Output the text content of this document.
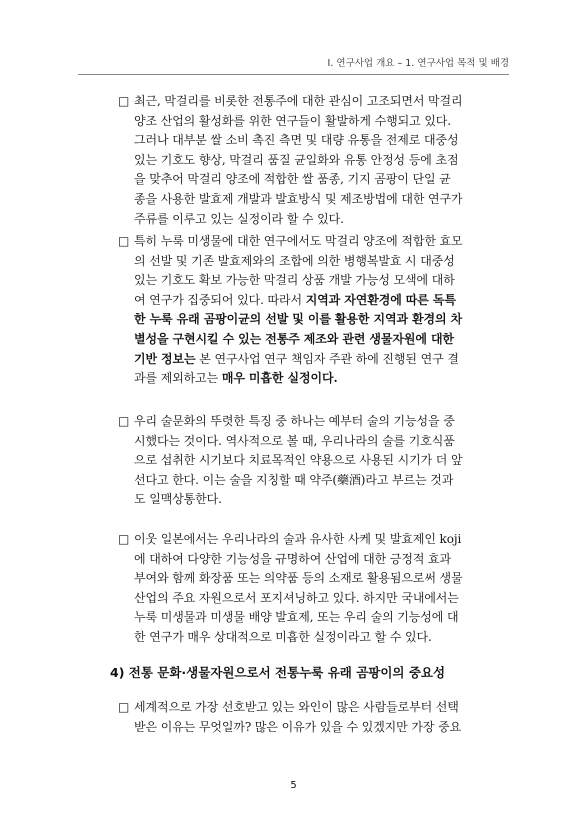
I. 연구사업 개요 – 1. 연구사업 목적 및 배경
□ 최근, 막걸리를 비롯한 전통주에 대한 관심이 고조되면서 막걸리
양조 산업의 활성화를 위한 연구들이 활발하게 수행되고 있다.
그러나 대부분 쌀 소비 촉진 측면 및 대량 유통을 전제로 대중성
있는 기호도 향상, 막걸리 품질 균일화와 유통 안정성 등에 초점
을 맞추어 막걸리 양조에 적합한 쌀 품종, 기지 곰팡이 단일 균
종을 사용한 발효제 개발과 발효방식 및 제조방법에 대한 연구가
주류를 이루고 있는 실정이라 할 수 있다.
□ 특히 누룩 미생물에 대한 연구에서도 막걸리 양조에 적합한 효모
의 선발 및 기존 발효제와의 조합에 의한 병행복발효 시 대중성
있는 기호도 확보 가능한 막걸리 상품 개발 가능성 모색에 대하
여 연구가 집중되어 있다. 따라서 지역과 자연환경에 따른 독특
한 누룩 유래 곰팡이균의 선발 및 이를 활용한 지역과 환경의 차
별성을 구현시킬 수 있는 전통주 제조와 관련 생물자원에 대한
기반 정보는 본 연구사업 연구 책임자 주관 하에 진행된 연구 결
과를 제외하고는 매우 미흡한 실정이다.
□ 우리 술문화의 뚜렷한 특징 중 하나는 예부터 술의 기능성을 중
시했다는 것이다. 역사적으로 볼 때, 우리나라의 술를 기호식품
으로 섭취한 시기보다 치료목적인 약용으로 사용된 시기가 더 앞
선다고 한다. 이는 술을 지칭할 때 약주(藥酒)라고 부르는 것과
도 일맥상통한다.
□ 이웃 일본에서는 우리나라의 술과 유사한 사케 및 발효제인 koji
에 대하여 다양한 기능성을 규명하여 산업에 대한 긍정적 효과
부여와 함께 화장품 또는 의약품 등의 소재로 활용됨으로써 생물
산업의 주요 자원으로서 포지셔닝하고 있다. 하지만 국내에서는
누룩 미생물과 미생물 배양 발효제, 또는 우리 술의 기능성에 대
한 연구가 매우 상대적으로 미흡한 실정이라고 할 수 있다.
4) 전통 문화·생물자원으로서 전통누룩 유래 곰팡이의 중요성
□ 세계적으로 가장 선호받고 있는 와인이 많은 사람들로부터 선택
받은 이유는 무엇일까? 많은 이유가 있을 수 있겠지만 가장 중요
5
